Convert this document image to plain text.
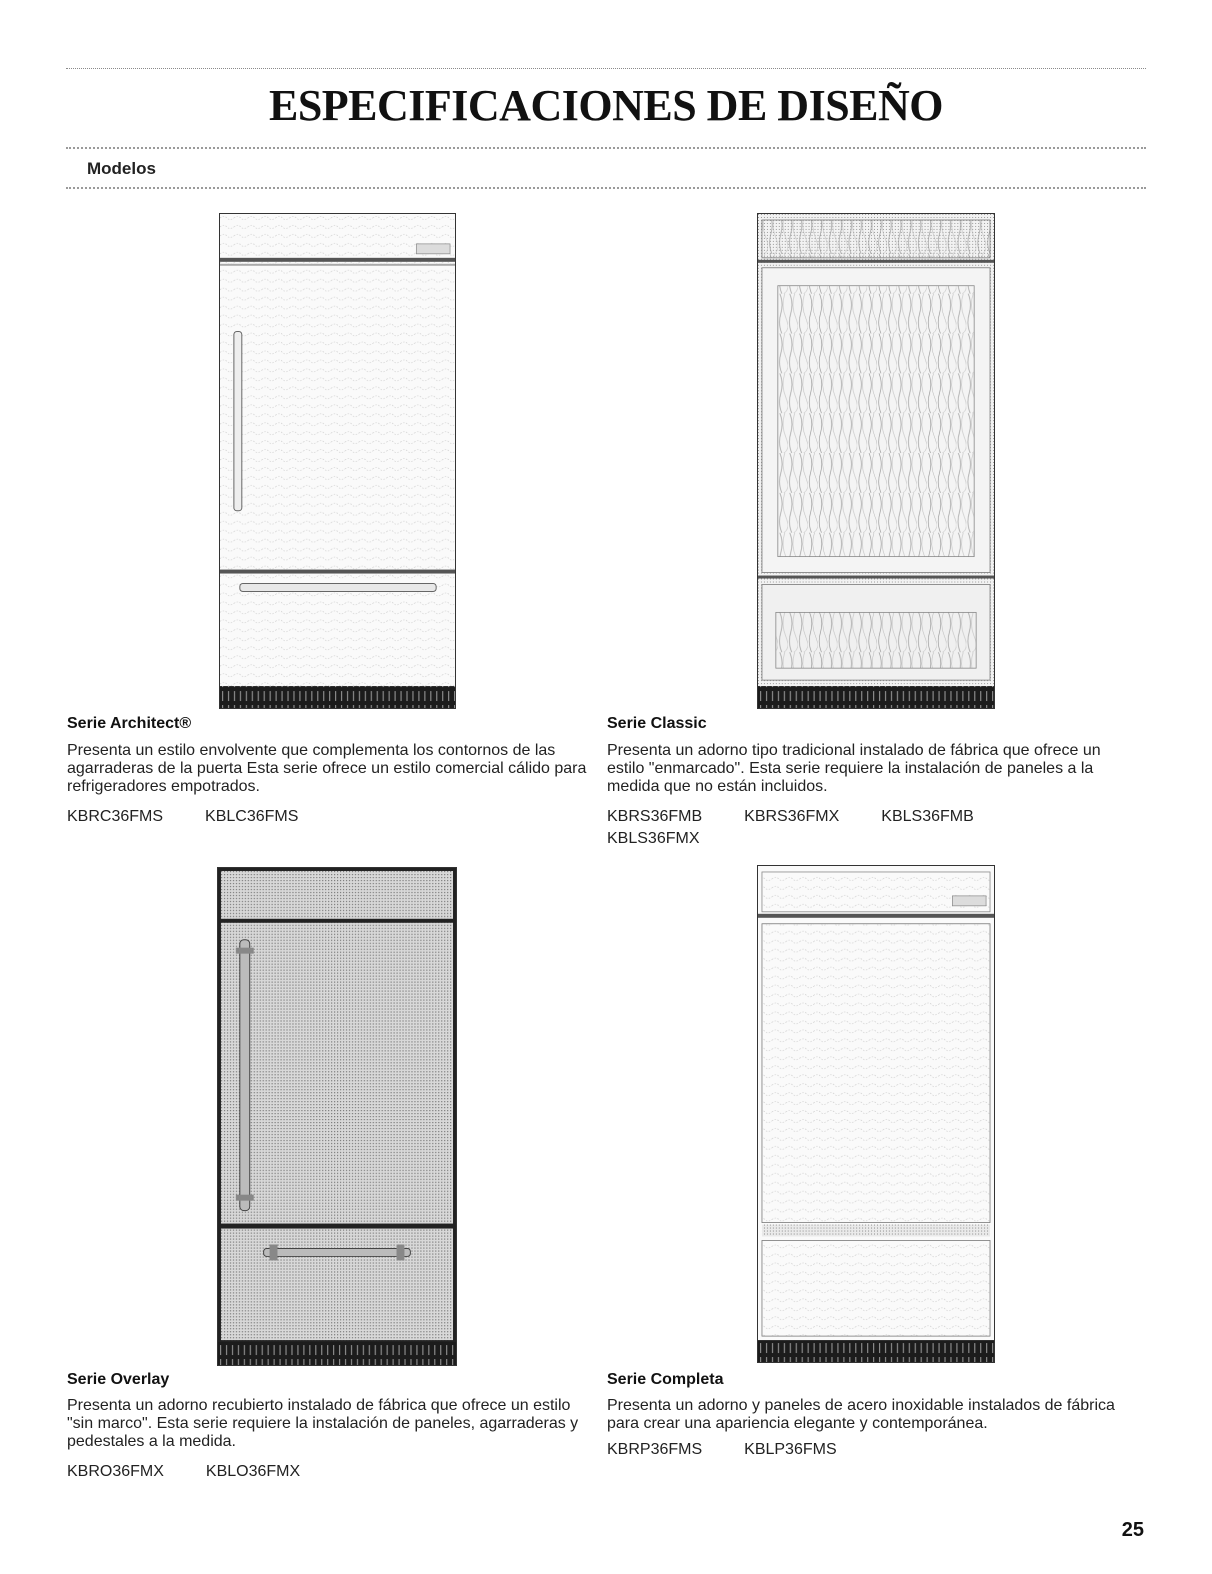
ESPECIFICACIONES DE DISEÑO
Modelos
Serie Architect®

Presenta un estilo envolvente que complementa los contornos de las agarraderas de la puerta Esta serie ofrece un estilo comercial cálido para refrigeradores empotrados.

KBRC36FMS	KBLC36FMS
Serie Classic

Presenta un adorno tipo tradicional instalado de fábrica que ofrece un estilo "enmarcado". Esta serie requiere la instalación de paneles a la medida que no están incluidos.

KBRS36FMB	KBRS36FMX	KBLS36FMB
KBLS36FMX
Serie Overlay

Presenta un adorno recubierto instalado de fábrica que ofrece un estilo "sin marco". Esta serie requiere la instalación de paneles, agarraderas y pedestales a la medida.

KBRO36FMX	KBLO36FMX
Serie Completa

Presenta un adorno y paneles de acero inoxidable instalados de fábrica para crear una apariencia elegante y contemporánea.

KBRP36FMS	KBLP36FMS
25
